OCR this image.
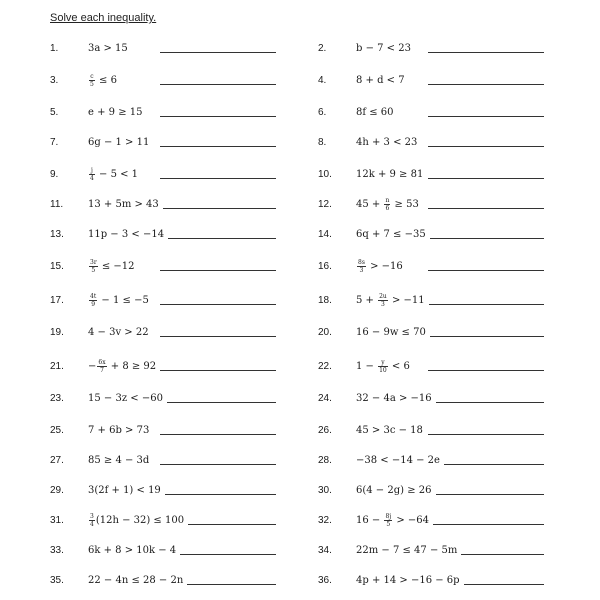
Solve each inequality.
1.	3a > 15	2.	b − 7 < 23
3.	$\frac{c}{5} \le 6$	4.	8 + d < 7
5.	e + 9 ≥ 15	6.	8f ≤ 60
7.	6g − 1 > 11	8.	4h + 3 < 23
9.	$\frac{j}{4} - 5 < 1$	10.	12k + 9 ≥ 81
11.	13 + 5m > 43	12.	$45 + \frac{n}{6} \ge 53$
13.	11p − 3 < −14	14.	6q + 7 ≤ −35
15.	$\frac{3r}{5} \le -12$	16.	$\frac{8s}{3} > -16$
17.	$\frac{4t}{9} - 1 \le -5$	18.	$5 + \frac{2u}{3} > -11$
19.	4 − 3v > 22	20.	16 − 9w ≤ 70
21.	− $\frac{6x}{7} + 8 \ge 92$	22.	$1 - \frac{y}{10} < 6$
23.	15 − 3z < −60	24.	32 − 4a > −16
25.	7 + 6b > 73	26.	45 > 3c − 18
27.	85 ≥ 4 − 3d	28.	−38 < −14 − 2e
29.	3(2f + 1) < 19	30.	6(4 − 2g) ≥ 26
31.	$\frac{3}{4} (12h - 32) \le 100$	32.	$16 - \frac{8j}{5} > -64$
33.	6k + 8 > 10k − 4	34.	22m − 7 ≤ 47 − 5m
35.	22 − 4n ≤ 28 − 2n	36.	4p + 14 > −16 − 6p
